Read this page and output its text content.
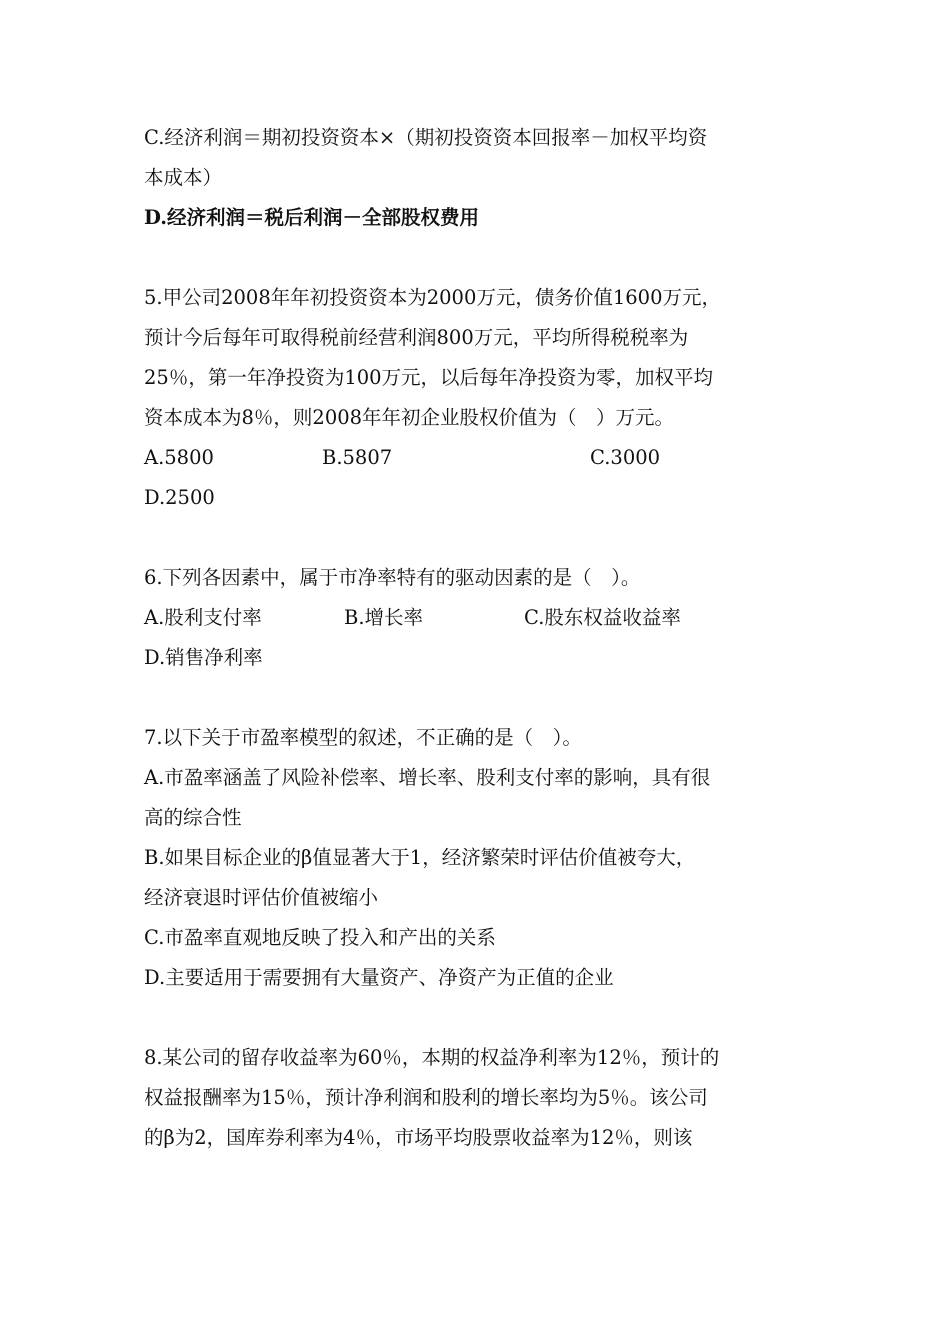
C.经济利润＝期初投资资本×（期初投资资本回报率－加权平均资
本成本）
D.经济利润＝税后利润－全部股权费用
5.甲公司2008年年初投资资本为2000万元，债务价值1600万元，
预计今后每年可取得税前经营利润800万元，平均所得税税率为
25％，第一年净投资为100万元，以后每年净投资为零，加权平均
资本成本为8％，则2008年年初企业股权价值为（　）万元。
A.5800	B.5807	C.3000
D.2500
6.下列各因素中，属于市净率特有的驱动因素的是（　）。
A.股利支付率	B.增长率	C.股东权益收益率
D.销售净利率
7.以下关于市盈率模型的叙述，不正确的是（　）。
A.市盈率涵盖了风险补偿率、增长率、股利支付率的影响，具有很
高的综合性
B.如果目标企业的β值显著大于1，经济繁荣时评估价值被夸大，
经济衰退时评估价值被缩小
C.市盈率直观地反映了投入和产出的关系
D.主要适用于需要拥有大量资产、净资产为正值的企业
8.某公司的留存收益率为60％，本期的权益净利率为12％，预计的
权益报酬率为15％，预计净利润和股利的增长率均为5％。该公司
的β为2，国库券利率为4％，市场平均股票收益率为12％，则该
